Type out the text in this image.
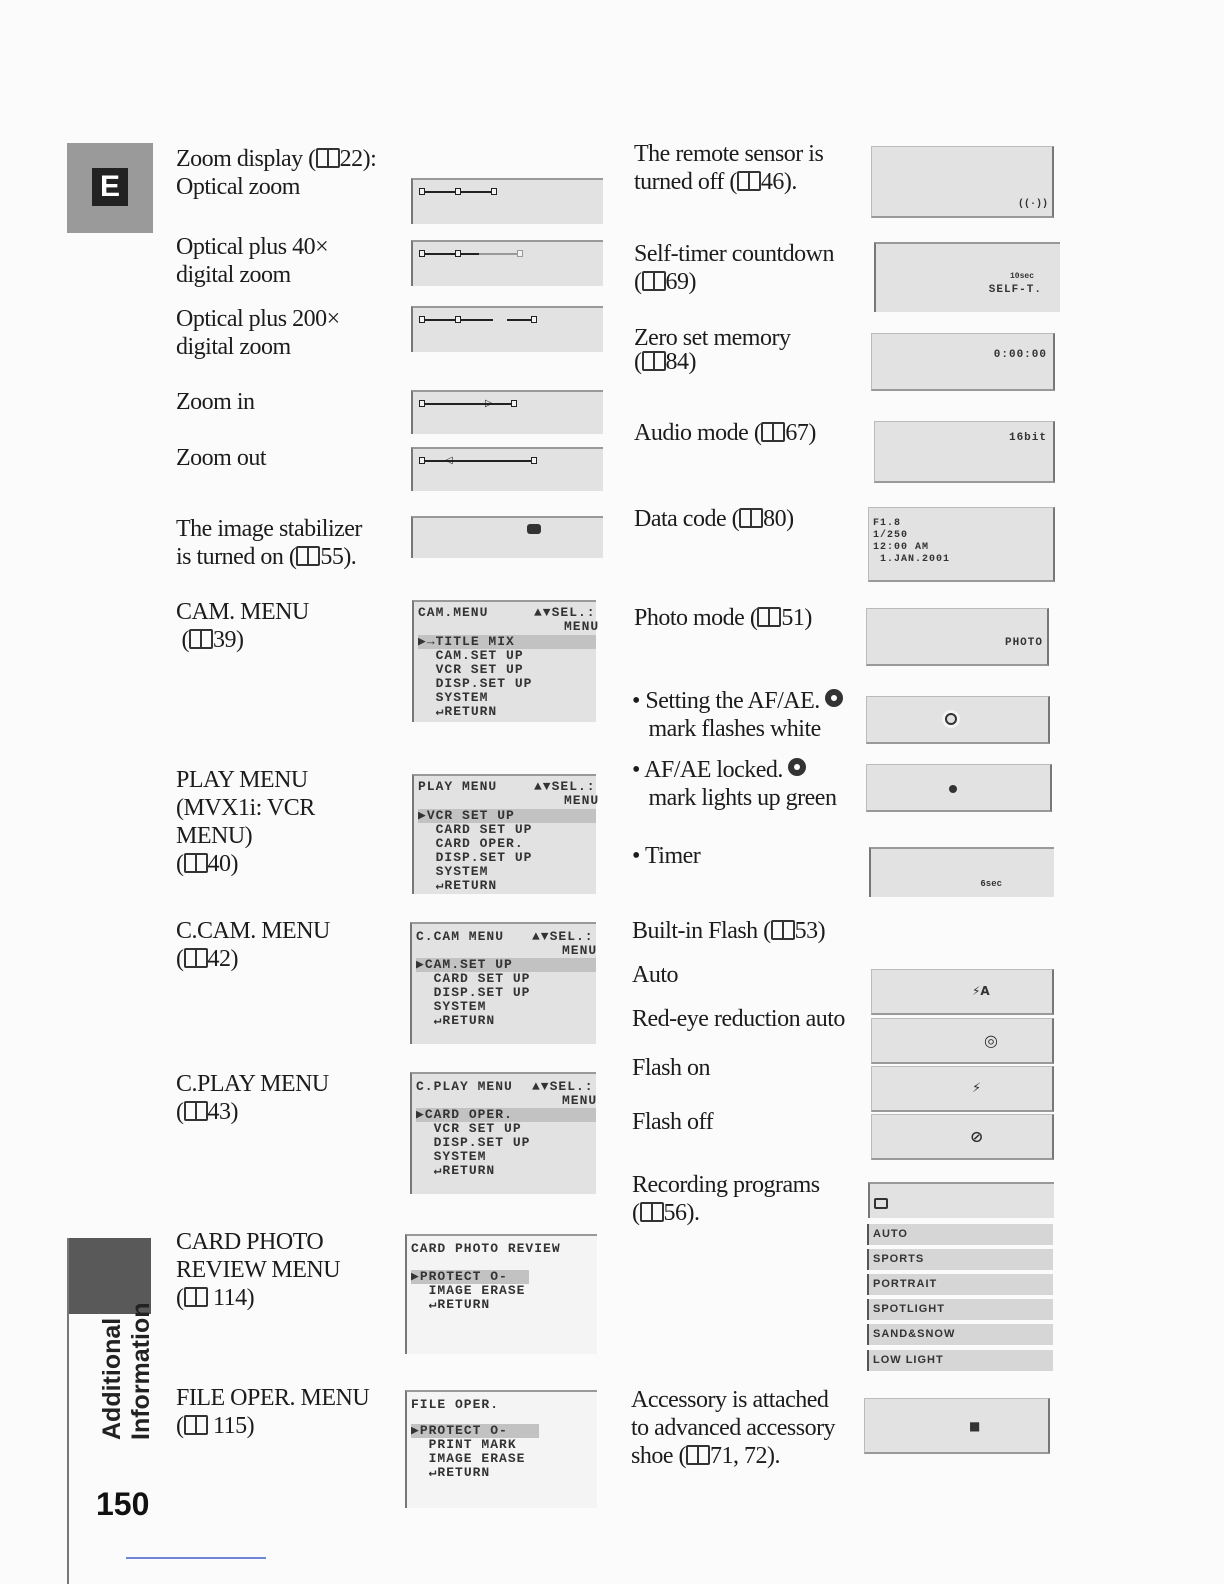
E
Additional Information
150
Zoom display ( 22):
Optical zoom
Optical plus 40×
digital zoom
Optical plus 200×
digital zoom
Zoom in
Zoom out
The image stabilizer
is turned on ( 55).
CAM. MENU
( 39)
PLAY MENU
(MVX1i: VCR
MENU)
( 40)
C.CAM. MENU
( 42)
C.PLAY MENU
( 43)
CARD PHOTO
REVIEW MENU
( 114)
FILE OPER. MENU
( 115)
▷
◁
CAM.MENU	▲▼SEL.:
MENU
▶→TITLE MIX
CAM.SET UP
VCR SET UP
DISP.SET UP
SYSTEM
↵RETURN
PLAY MENU	▲▼SEL.:
MENU
▶VCR SET UP
CARD SET UP
CARD OPER.
DISP.SET UP
SYSTEM
↵RETURN
C.CAM MENU ▲▼SEL.:
MENU
▶CAM.SET UP
CARD SET UP
DISP.SET UP
SYSTEM
↵RETURN
C.PLAY MENU ▲▼SEL.:
MENU
▶CARD OPER.
VCR SET UP
DISP.SET UP
SYSTEM
↵RETURN
CARD PHOTO REVIEW
▶PROTECT O-
IMAGE ERASE
↵RETURN
FILE OPER.
▶PROTECT O-
PRINT MARK
IMAGE ERASE
↵RETURN
The remote sensor is
turned off ( 46).
Self-timer countdown
( 69)
Zero set memory
( 84)
Audio mode ( 67)
Data code ( 80)
Photo mode ( 51)
• Setting the AF/AE.
mark flashes white
• AF/AE locked.
mark lights up green
• Timer
Built-in Flash ( 53)
Auto
Red-eye reduction auto
Flash on
Flash off
Recording programs
( 56).
Accessory is attached
to advanced accessory
shoe ( 71, 72).
((·))
10sec
SELF-T.
0:00:00
16bit
F1.8
1/250
12:00 AM
1.JAN.2001
PHOTO
6sec
⚡A
◎
⚡
⊘
AUTO
SPORTS
PORTRAIT
SPOTLIGHT
SAND&SNOW
LOW LIGHT
■
